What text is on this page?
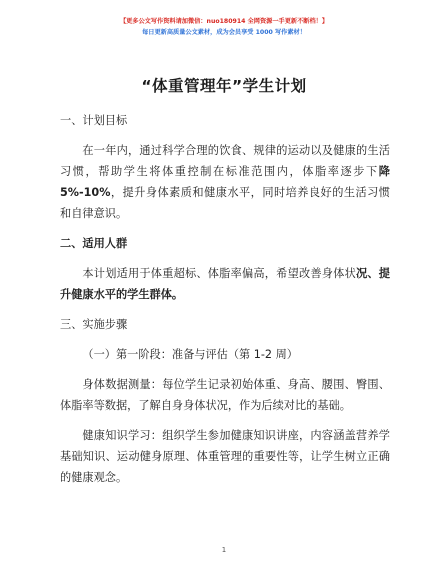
【更多公文写作资料请加微信：nuo180914 全网资源一手更新不断档！】
每日更新高质量公文素材，成为会员享受 1000 写作素材！
“体重管理年”学生计划
一、计划目标

在一年内，通过科学合理的饮食、规律的运动以及健康的生活习惯，帮助学生将体重控制在标准范围内，体脂率逐步下降 5%-10%，提升身体素质和健康水平，同时培养良好的生活习惯和自律意识。

二、适用人群

本计划适用于体重超标、体脂率偏高，希望改善身体状况、提升健康水平的学生群体。

三、实施步骤
（一）第一阶段：准备与评估（第 1-2 周）

身体数据测量：每位学生记录初始体重、身高、腰围、臀围、体脂率等数据，了解自身身体状况，作为后续对比的基础。

健康知识学习：组织学生参加健康知识讲座，内容涵盖营养学基础知识、运动健身原理、体重管理的重要性等，让学生树立正确的健康观念。

1
